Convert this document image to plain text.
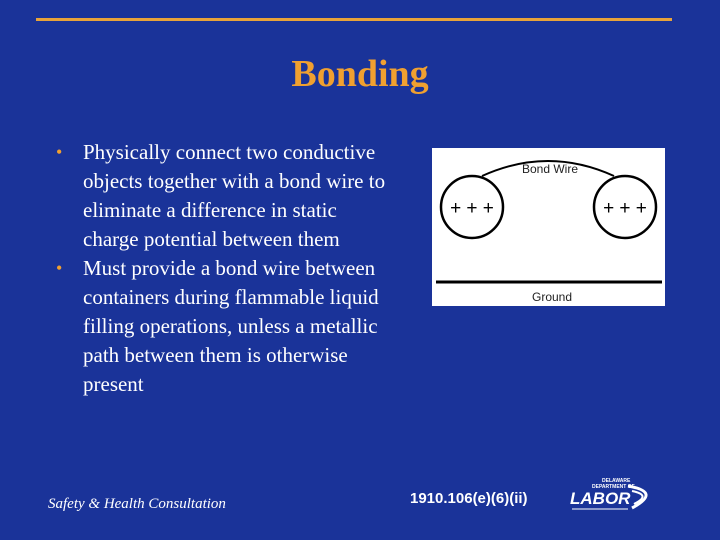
Bonding
• Physically connect two conductive objects together with a bond wire to eliminate a difference in static charge potential between them
• Must provide a bond wire between containers during flammable liquid filling operations, unless a metallic path between them is otherwise present
Bond Wire
+ + +	+ + +
Ground
Safety & Health Consultation	1910.106(e)(6)(ii)
DELAWARE
DEPARTMENT OF
LABOR
